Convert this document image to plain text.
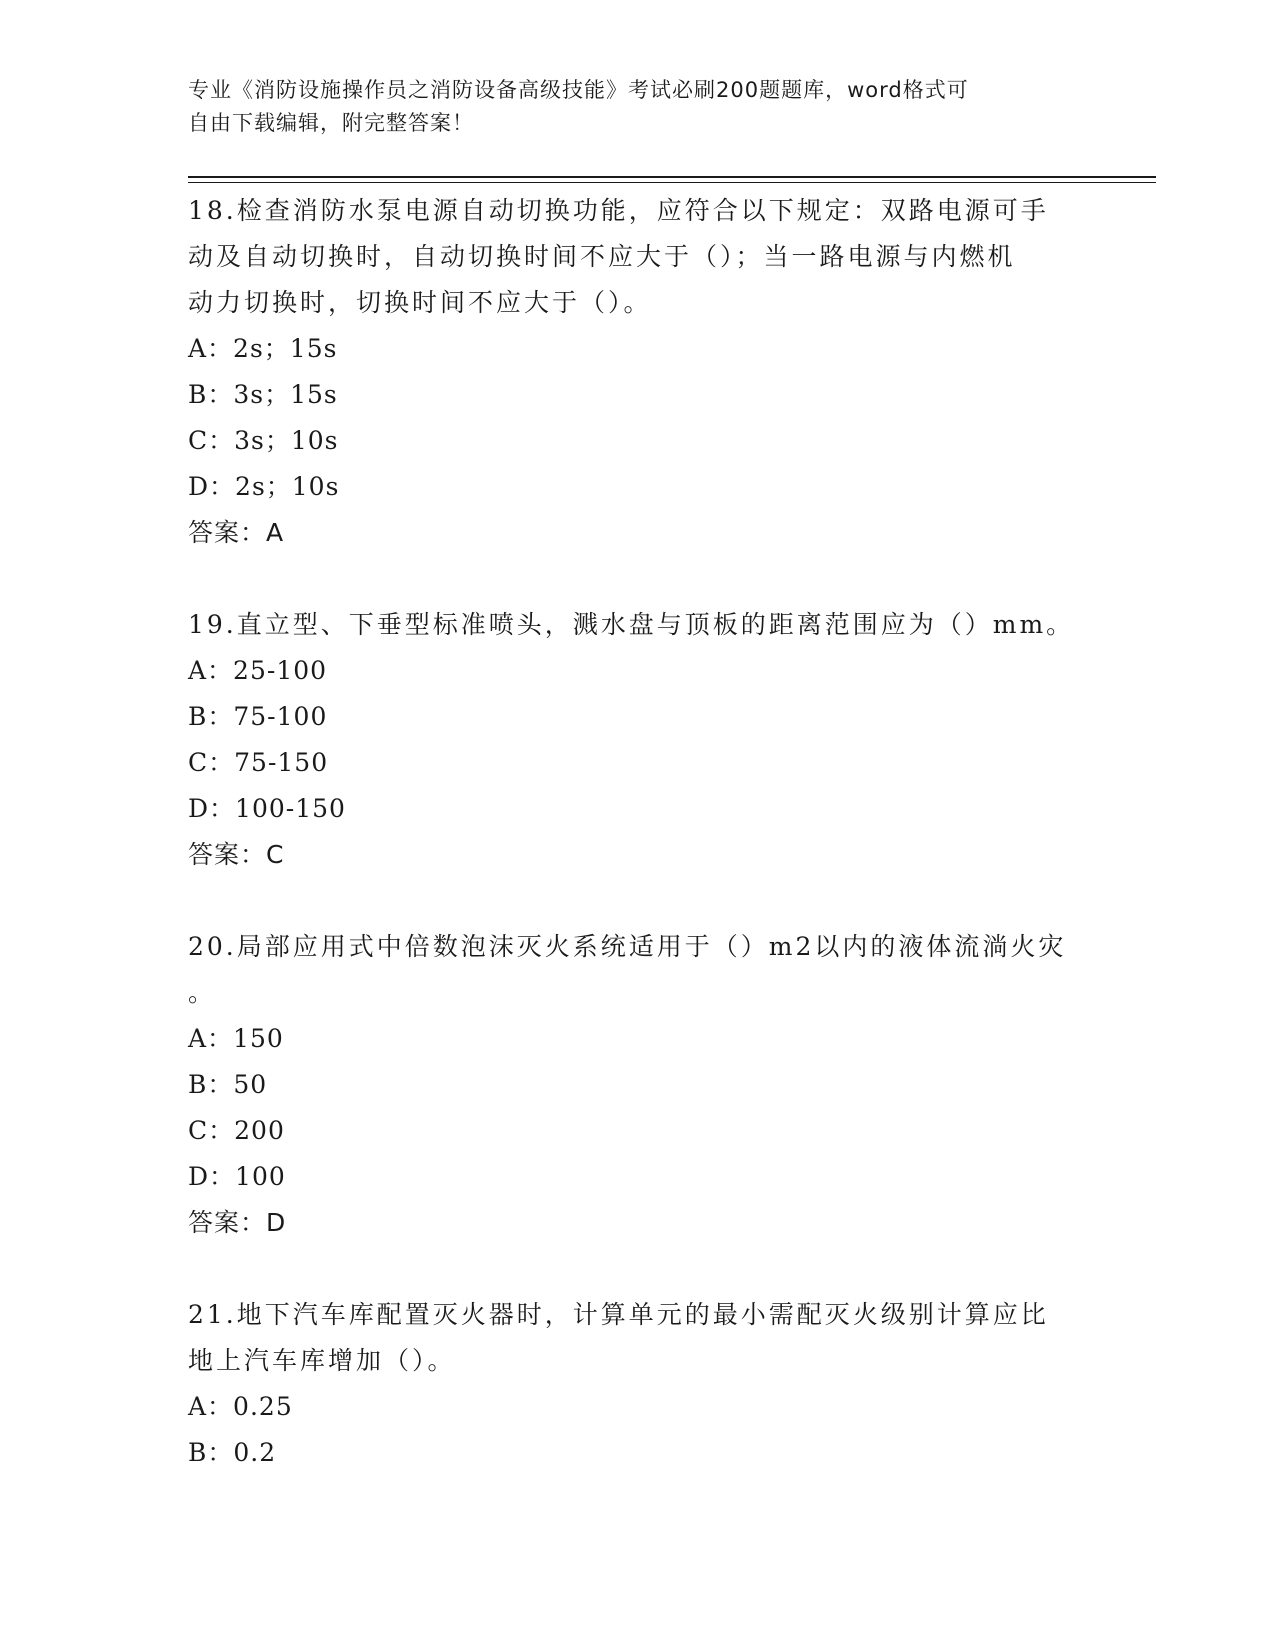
专业《消防设施操作员之消防设备高级技能》考试必刷200题题库，word格式可
自由下载编辑，附完整答案！
18.检查消防水泵电源自动切换功能，应符合以下规定：双路电源可手
动及自动切换时，自动切换时间不应大于（）；当一路电源与内燃机
动力切换时，切换时间不应大于（）。
A：2s；15s
B：3s；15s
C：3s；10s
D：2s；10s
答案：A
19.直立型、下垂型标准喷头，溅水盘与顶板的距离范围应为（）mm。
A：25-100
B：75-100
C：75-150
D：100-150
答案：C
20.局部应用式中倍数泡沫灭火系统适用于（）m2以内的液体流淌火灾
。
A：150
B：50
C：200
D：100
答案：D
21.地下汽车库配置灭火器时，计算单元的最小需配灭火级别计算应比
地上汽车库增加（）。
A：0.25
B：0.2
